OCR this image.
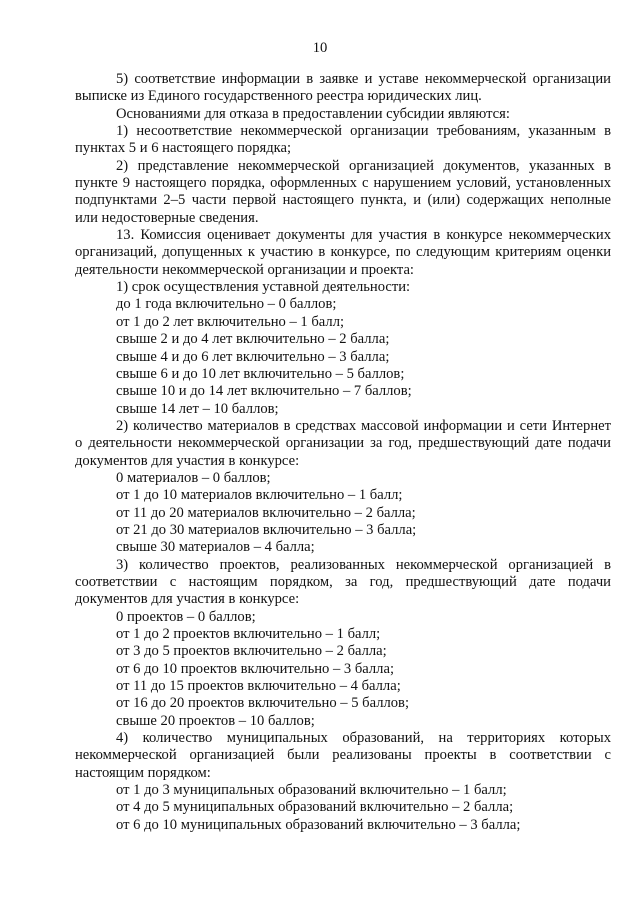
10

5) соответствие информации в заявке и уставе некоммерческой организации выписке из Единого государственного реестра юридических лиц.

Основаниями для отказа в предоставлении субсидии являются:

1) несоответствие некоммерческой организации требованиям, указанным в пунктах 5 и 6 настоящего порядка;

2) представление некоммерческой организацией документов, указанных в пункте 9 настоящего порядка, оформленных с нарушением условий, установленных подпунктами 2–5 части первой настоящего пункта, и (или) содержащих неполные или недостоверные сведения.

13. Комиссия оценивает документы для участия в конкурсе некоммерческих организаций, допущенных к участию в конкурсе, по следующим критериям оценки деятельности некоммерческой организации и проекта:

1) срок осуществления уставной деятельности:

до 1 года включительно – 0 баллов;

от 1 до 2 лет включительно – 1 балл;

свыше 2 и до 4 лет включительно – 2 балла;

свыше 4 и до 6 лет включительно – 3 балла;

свыше 6 и до 10 лет включительно – 5 баллов;

свыше 10 и до 14 лет включительно – 7 баллов;

свыше 14 лет – 10 баллов;

2) количество материалов в средствах массовой информации и сети Интернет о деятельности некоммерческой организации за год, предшествующий дате подачи документов для участия в конкурсе:

0 материалов – 0 баллов;

от 1 до 10 материалов включительно – 1 балл;

от 11 до 20 материалов включительно – 2 балла;

от 21 до 30 материалов включительно – 3 балла;

свыше 30 материалов – 4 балла;

3) количество проектов, реализованных некоммерческой организацией в соответствии с настоящим порядком, за год, предшествующий дате подачи документов для участия в конкурсе:

0 проектов – 0 баллов;

от 1 до 2 проектов включительно – 1 балл;

от 3 до 5 проектов включительно – 2 балла;

от 6 до 10 проектов включительно – 3 балла;

от 11 до 15 проектов включительно – 4 балла;

от 16 до 20 проектов включительно – 5 баллов;

свыше 20 проектов – 10 баллов;

4) количество муниципальных образований, на территориях которых некоммерческой организацией были реализованы проекты в соответствии с настоящим порядком:

от 1 до 3 муниципальных образований включительно – 1 балл;

от 4 до 5 муниципальных образований включительно – 2 балла;

от 6 до 10 муниципальных образований включительно – 3 балла;
